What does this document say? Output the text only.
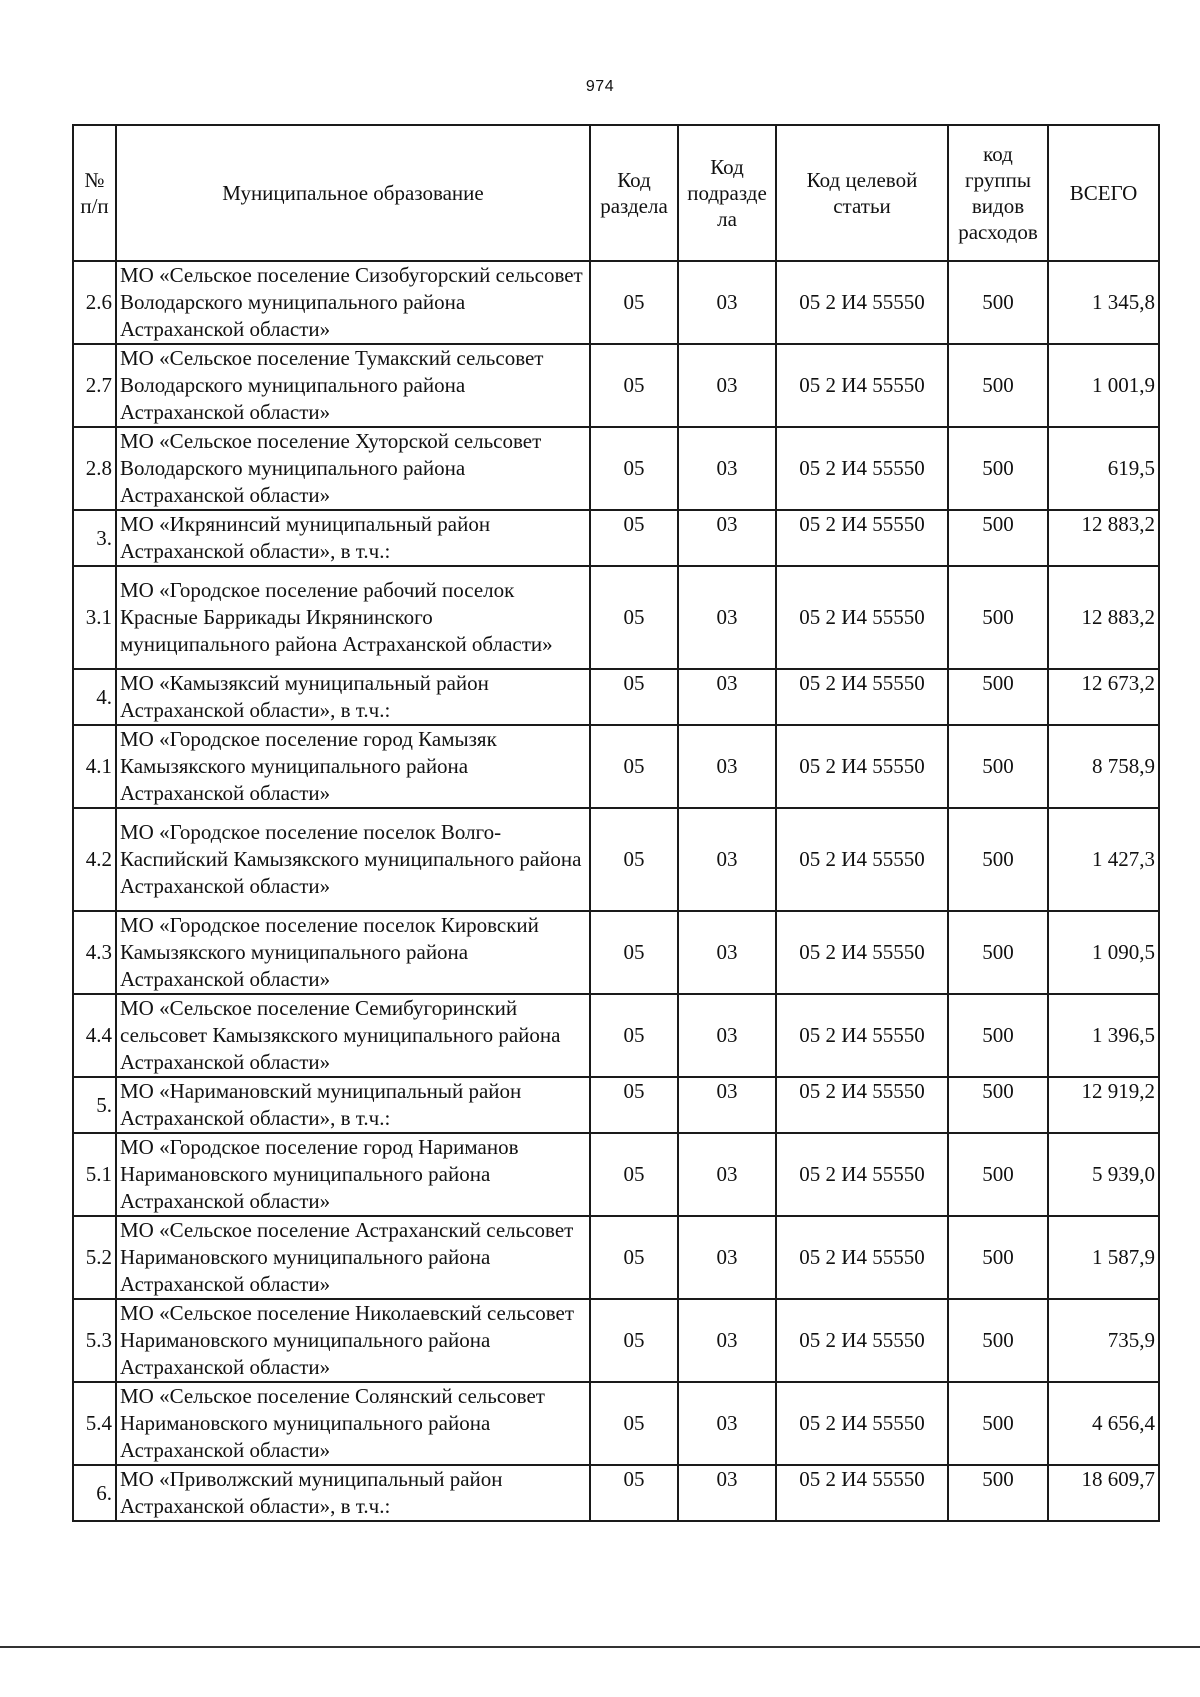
974
№ п/п	Муниципальное образование	Код раздела	Код подразде ла	Код целевой статьи	код группы видов расходов	ВСЕГО
2.6	МО «Сельское поселение Сизобугорский сельсовет Володарского муниципального района Астраханской области»	05	03	05 2 И4 55550	500	1 345,8
2.7	МО «Сельское поселение Тумакский сельсовет Володарского муниципального района Астраханской области»	05	03	05 2 И4 55550	500	1 001,9
2.8	МО «Сельское поселение Хуторской сельсовет Володарского муниципального района Астраханской области»	05	03	05 2 И4 55550	500	619,5
3.	МО «Икрянинсий муниципальный район Астраханской области», в т.ч.:	05	03	05 2 И4 55550	500	12 883,2
3.1	МО «Городское поселение рабочий поселок Красные Баррикады Икрянинского муниципального района Астраханской области»	05	03	05 2 И4 55550	500	12 883,2
4.	МО «Камызяксий муниципальный район Астраханской области», в т.ч.:	05	03	05 2 И4 55550	500	12 673,2
4.1	МО «Городское поселение город Камызяк Камызякского муниципального района Астраханской области»	05	03	05 2 И4 55550	500	8 758,9
4.2	МО «Городское поселение поселок Волго-Каспийский Камызякского муниципального района Астраханской области»	05	03	05 2 И4 55550	500	1 427,3
4.3	МО «Городское поселение поселок Кировский Камызякского муниципального района Астраханской области»	05	03	05 2 И4 55550	500	1 090,5
4.4	МО «Сельское поселение Семибугоринский сельсовет Камызякского муниципального района Астраханской области»	05	03	05 2 И4 55550	500	1 396,5
5.	МО «Наримановский муниципальный район Астраханской области», в т.ч.:	05	03	05 2 И4 55550	500	12 919,2
5.1	МО «Городское поселение город Нариманов Наримановского муниципального района Астраханской области»	05	03	05 2 И4 55550	500	5 939,0
5.2	МО «Сельское поселение Астраханский сельсовет Наримановского муниципального района Астраханской области»	05	03	05 2 И4 55550	500	1 587,9
5.3	МО «Сельское поселение Николаевский сельсовет Наримановского муниципального района Астраханской области»	05	03	05 2 И4 55550	500	735,9
5.4	МО «Сельское поселение Солянский сельсовет Наримановского муниципального района Астраханской области»	05	03	05 2 И4 55550	500	4 656,4
6.	МО «Приволжский муниципальный район Астраханской области», в т.ч.:	05	03	05 2 И4 55550	500	18 609,7
